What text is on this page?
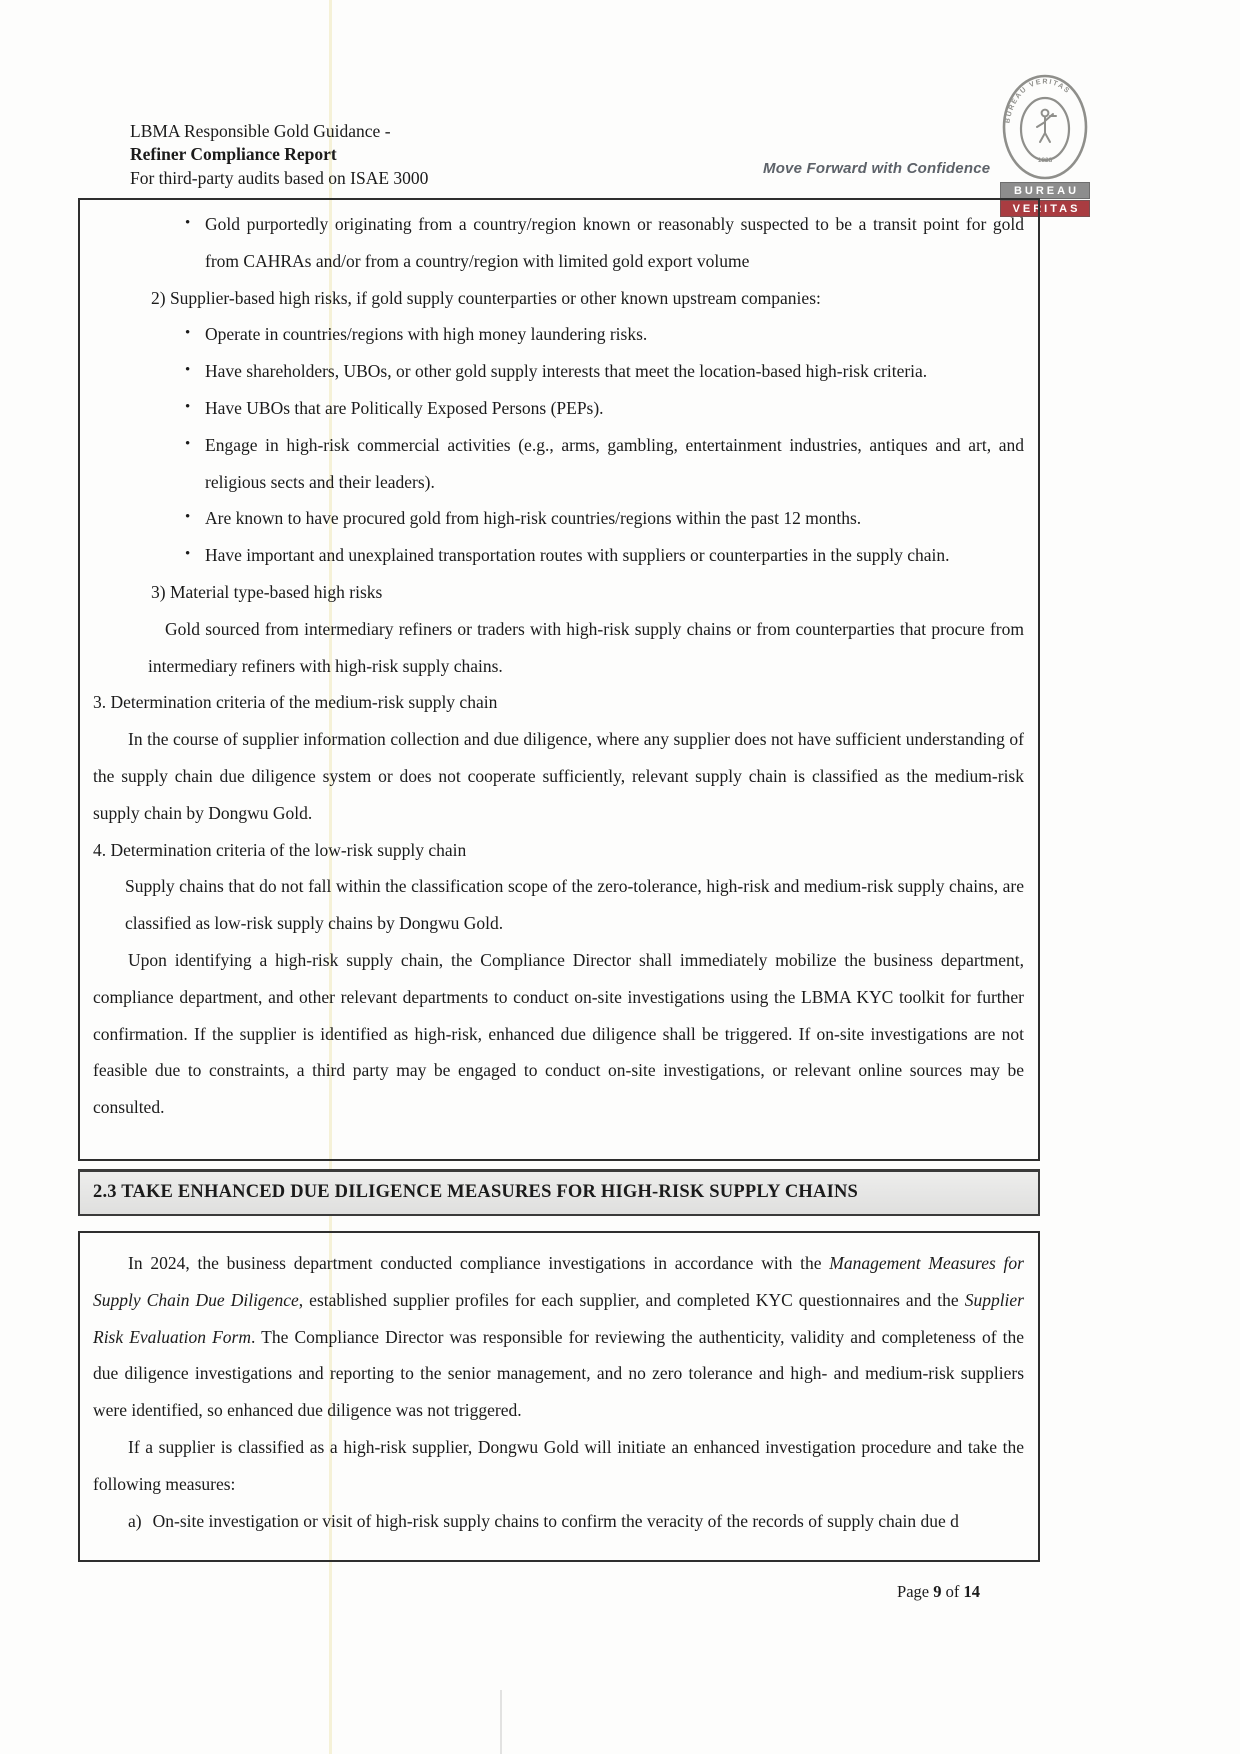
LBMA Responsible Gold Guidance -
Refiner Compliance Report
For third-party audits based on ISAE 3000	Move Forward with Confidence
BUREAU VERITAS
1828
BUREAU
VERITAS
• Gold purportedly originating from a country/region known or reasonably suspected to be a transit point for gold from CAHRAs and/or from a country/region with limited gold export volume
2) Supplier-based high risks, if gold supply counterparties or other known upstream companies:
• Operate in countries/regions with high money laundering risks.
• Have shareholders, UBOs, or other gold supply interests that meet the location-based high-risk criteria.
• Have UBOs that are Politically Exposed Persons (PEPs).
• Engage in high-risk commercial activities (e.g., arms, gambling, entertainment industries, antiques and art, and religious sects and their leaders).
• Are known to have procured gold from high-risk countries/regions within the past 12 months.
• Have important and unexplained transportation routes with suppliers or counterparties in the supply chain.
3) Material type-based high risks
Gold sourced from intermediary refiners or traders with high-risk supply chains or from counterparties that procure from intermediary refiners with high-risk supply chains.
3. Determination criteria of the medium-risk supply chain
In the course of supplier information collection and due diligence, where any supplier does not have sufficient understanding of the supply chain due diligence system or does not cooperate sufficiently, relevant supply chain is classified as the medium-risk supply chain by Dongwu Gold.
4. Determination criteria of the low-risk supply chain
Supply chains that do not fall within the classification scope of the zero-tolerance, high-risk and medium-risk supply chains, are classified as low-risk supply chains by Dongwu Gold.
Upon identifying a high-risk supply chain, the Compliance Director shall immediately mobilize the business department, compliance department, and other relevant departments to conduct on-site investigations using the LBMA KYC toolkit for further confirmation. If the supplier is identified as high-risk, enhanced due diligence shall be triggered. If on-site investigations are not feasible due to constraints, a third party may be engaged to conduct on-site investigations, or relevant online sources may be consulted.
2.3 TAKE ENHANCED DUE DILIGENCE MEASURES FOR HIGH-RISK SUPPLY CHAINS
In 2024, the business department conducted compliance investigations in accordance with the Management Measures for Supply Chain Due Diligence, established supplier profiles for each supplier, and completed KYC questionnaires and the Supplier Risk Evaluation Form. The Compliance Director was responsible for reviewing the authenticity, validity and completeness of the due diligence investigations and reporting to the senior management, and no zero tolerance and high- and medium-risk suppliers were identified, so enhanced due diligence was not triggered.
If a supplier is classified as a high-risk supplier, Dongwu Gold will initiate an enhanced investigation procedure and take the following measures:
a) On-site investigation or visit of high-risk supply chains to confirm the veracity of the records of supply chain due d
Page 9 of 14
